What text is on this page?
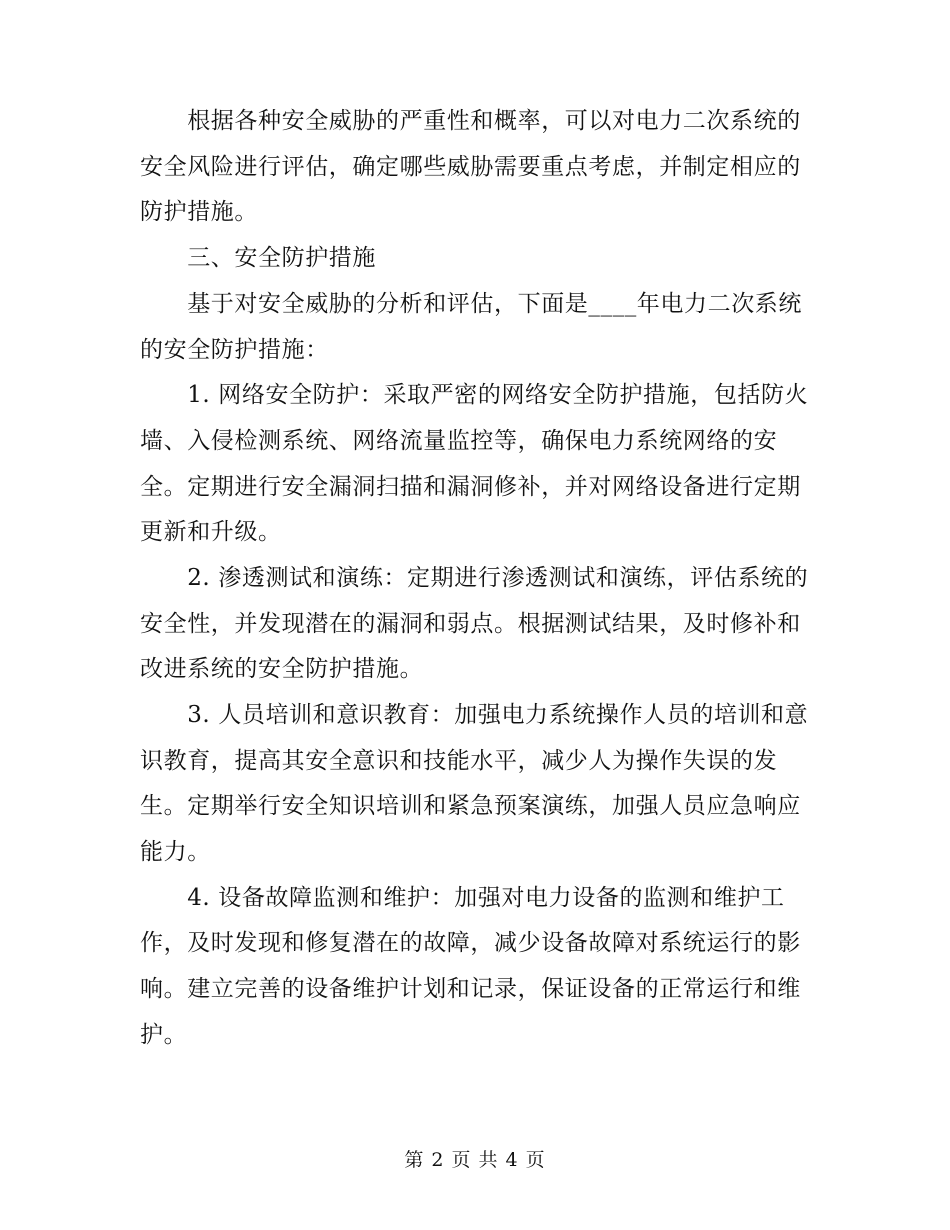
　　根据各种安全威胁的严重性和概率，可以对电力二次系统的
安全风险进行评估，确定哪些威胁需要重点考虑，并制定相应的
防护措施。
　　三、安全防护措施
　　基于对安全威胁的分析和评估，下面是____年电力二次系统
的安全防护措施：
　　1. 网络安全防护：采取严密的网络安全防护措施，包括防火
墙、入侵检测系统、网络流量监控等，确保电力系统网络的安
全。定期进行安全漏洞扫描和漏洞修补，并对网络设备进行定期
更新和升级。
　　2. 渗透测试和演练：定期进行渗透测试和演练，评估系统的
安全性，并发现潜在的漏洞和弱点。根据测试结果，及时修补和
改进系统的安全防护措施。
　　3. 人员培训和意识教育：加强电力系统操作人员的培训和意
识教育，提高其安全意识和技能水平，减少人为操作失误的发
生。定期举行安全知识培训和紧急预案演练，加强人员应急响应
能力。
　　4. 设备故障监测和维护：加强对电力设备的监测和维护工
作，及时发现和修复潜在的故障，减少设备故障对系统运行的影
响。建立完善的设备维护计划和记录，保证设备的正常运行和维
护。
第 2 页 共 4 页
